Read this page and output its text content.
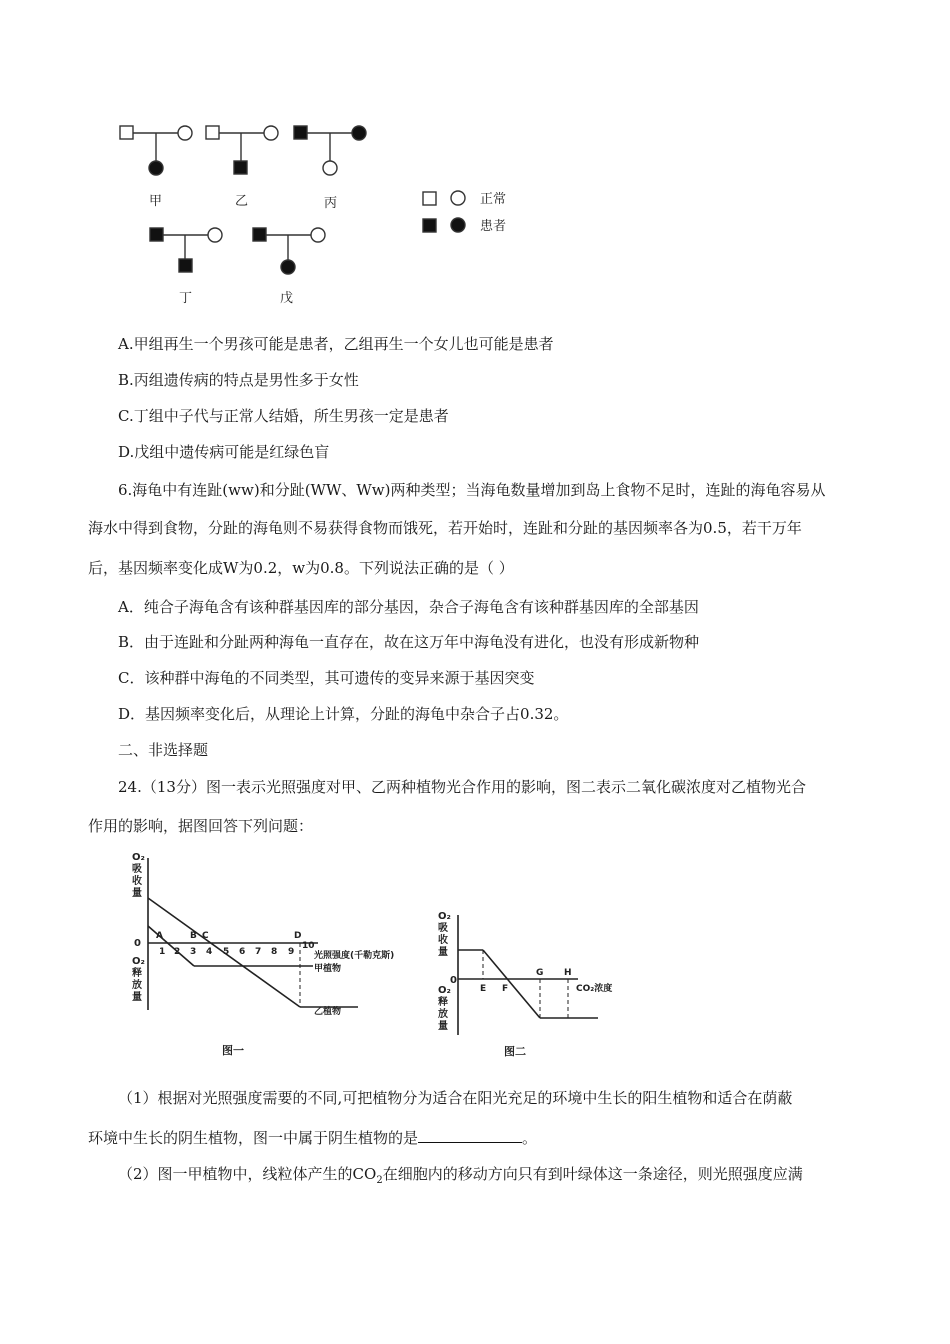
甲	乙	丙
丁	戊
正常
患者
A.甲组再生一个男孩可能是患者，乙组再生一个女儿也可能是患者
B.丙组遗传病的特点是男性多于女性
C.丁组中子代与正常人结婚，所生男孩一定是患者
D.戊组中遗传病可能是红绿色盲
6.海龟中有连趾(ww)和分趾(WW、Ww)两种类型；当海龟数量增加到岛上食物不足时，连趾的海龟容易从
海水中得到食物，分趾的海龟则不易获得食物而饿死，若开始时，连趾和分趾的基因频率各为0.5，若干万年
后，基因频率变化成W为0.2，w为0.8。下列说法正确的是（ ）
A．纯合子海龟含有该种群基因库的部分基因，杂合子海龟含有该种群基因库的全部基因
B．由于连趾和分趾两种海龟一直存在，故在这万年中海龟没有进化，也没有形成新物种
C．该种群中海龟的不同类型，其可遗传的变异来源于基因突变
D．基因频率变化后，从理论上计算，分趾的海龟中杂合子占0.32。
二、非选择题
24.（13分）图一表示光照强度对甲、乙两种植物光合作用的影响，图二表示二氧化碳浓度对乙植物光合
作用的影响，据图回答下列问题：
O₂
吸
收
量
0
O₂
释
放
量
1 2 3 4 5 6 7 8 9
10
A	B C	D
光照强度(千勒克斯)
甲植物
乙植物
图一
O₂
吸
收
量
0
O₂
释
放
量
E F
G H
CO₂浓度
图二
（1）根据对光照强度需要的不同,可把植物分为适合在阳光充足的环境中生长的阳生植物和适合在荫蔽
环境中生长的阴生植物，图一中属于阴生植物的是	。
（2）图一甲植物中，线粒体产生的$CO_2$在细胞内的移动方向只有到叶绿体这一条途径，则光照强度应满
